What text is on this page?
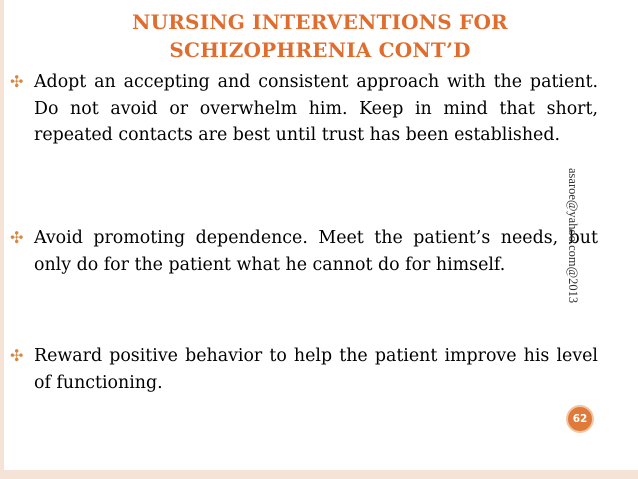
NURSING INTERVENTIONS FOR
SCHIZOPHRENIA CONT’D
✣ Adopt an accepting and consistent approach with the patient. Do not avoid or overwhelm him. Keep in mind that short, repeated contacts are best until trust has been established.
✣ Avoid promoting dependence. Meet the patient’s needs, but only do for the patient what he cannot do for himself.
✣ Reward positive behavior to help the patient improve his level of functioning.
asaroe@yahoo.com@2013
62
